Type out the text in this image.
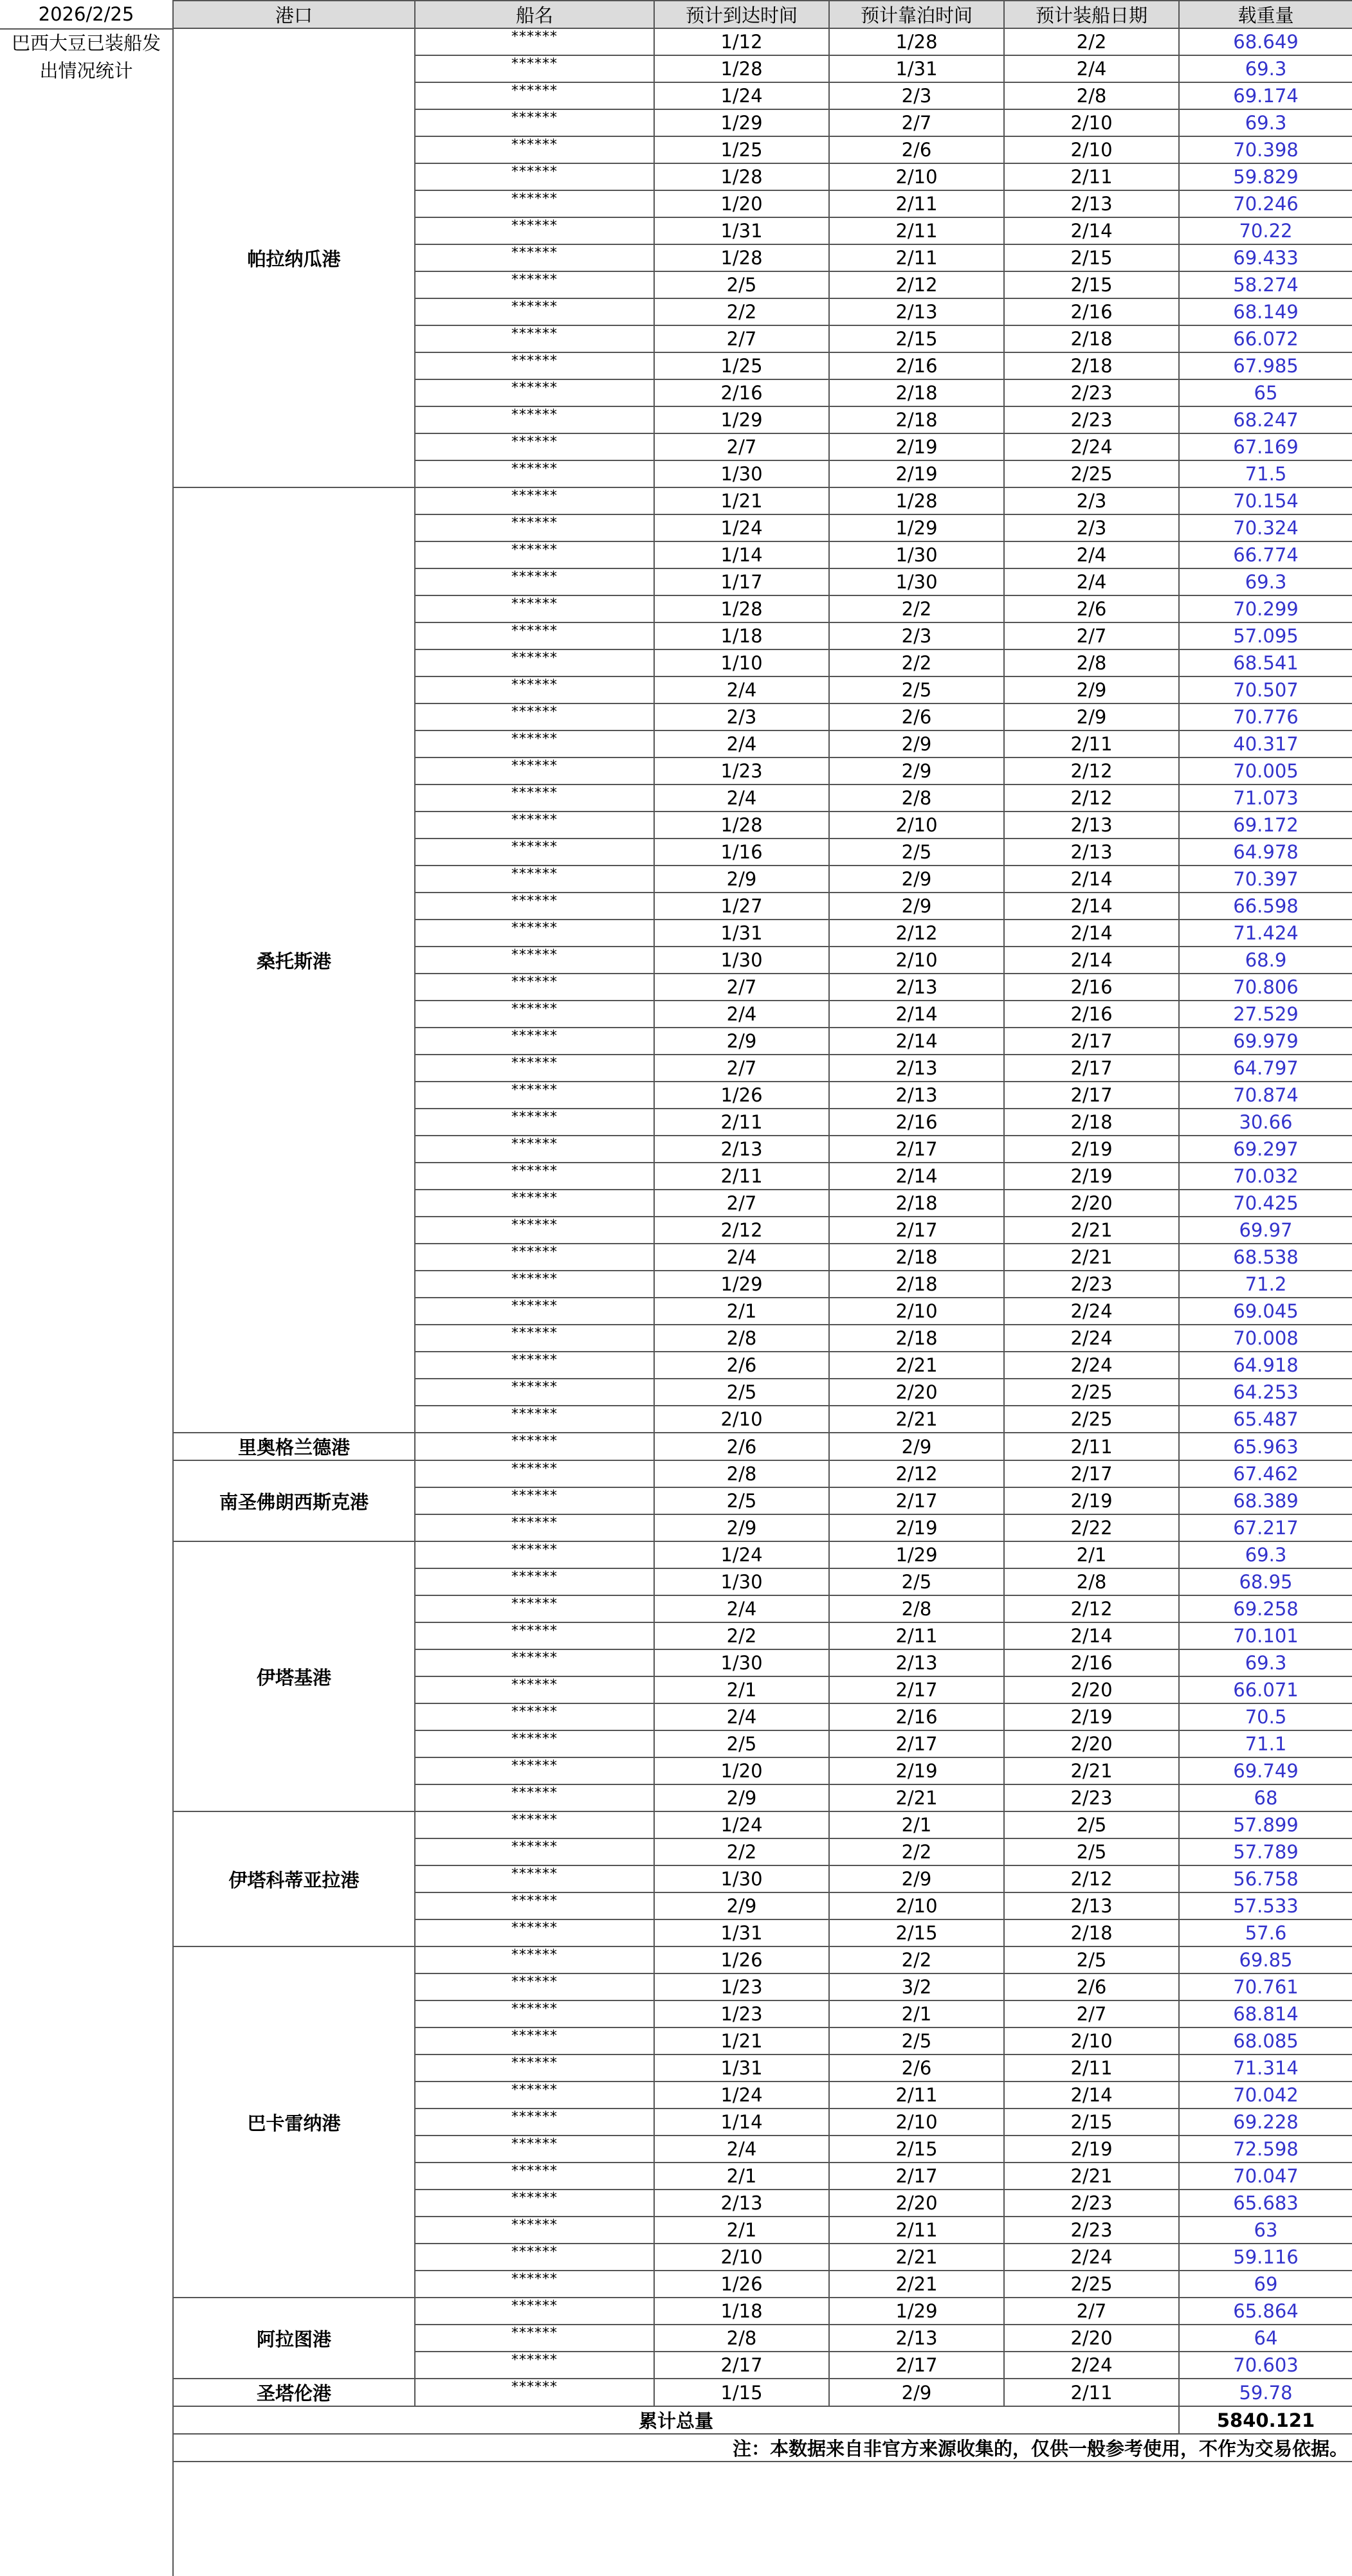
2026/2/25
巴西大豆已装船发
出情况统计
港口	船名	预计到达时间	预计靠泊时间	预计装船日期	载重量
帕拉纳瓜港	******	1/12	1/28	2/2	68.649
	******	1/28	1/31	2/4	69.3
	******	1/24	2/3	2/8	69.174
	******	1/29	2/7	2/10	69.3
	******	1/25	2/6	2/10	70.398
	******	1/28	2/10	2/11	59.829
	******	1/20	2/11	2/13	70.246
	******	1/31	2/11	2/14	70.22
	******	1/28	2/11	2/15	69.433
	******	2/5	2/12	2/15	58.274
	******	2/2	2/13	2/16	68.149
	******	2/7	2/15	2/18	66.072
	******	1/25	2/16	2/18	67.985
	******	2/16	2/18	2/23	65
	******	1/29	2/18	2/23	68.247
	******	2/7	2/19	2/24	67.169
	******	1/30	2/19	2/25	71.5
桑托斯港	******	1/21	1/28	2/3	70.154
	******	1/24	1/29	2/3	70.324
	******	1/14	1/30	2/4	66.774
	******	1/17	1/30	2/4	69.3
	******	1/28	2/2	2/6	70.299
	******	1/18	2/3	2/7	57.095
	******	1/10	2/2	2/8	68.541
	******	2/4	2/5	2/9	70.507
	******	2/3	2/6	2/9	70.776
	******	2/4	2/9	2/11	40.317
	******	1/23	2/9	2/12	70.005
	******	2/4	2/8	2/12	71.073
	******	1/28	2/10	2/13	69.172
	******	1/16	2/5	2/13	64.978
	******	2/9	2/9	2/14	70.397
	******	1/27	2/9	2/14	66.598
	******	1/31	2/12	2/14	71.424
	******	1/30	2/10	2/14	68.9
	******	2/7	2/13	2/16	70.806
	******	2/4	2/14	2/16	27.529
	******	2/9	2/14	2/17	69.979
	******	2/7	2/13	2/17	64.797
	******	1/26	2/13	2/17	70.874
	******	2/11	2/16	2/18	30.66
	******	2/13	2/17	2/19	69.297
	******	2/11	2/14	2/19	70.032
	******	2/7	2/18	2/20	70.425
	******	2/12	2/17	2/21	69.97
	******	2/4	2/18	2/21	68.538
	******	1/29	2/18	2/23	71.2
	******	2/1	2/10	2/24	69.045
	******	2/8	2/18	2/24	70.008
	******	2/6	2/21	2/24	64.918
	******	2/5	2/20	2/25	64.253
	******	2/10	2/21	2/25	65.487
里奥格兰德港	******	2/6	2/9	2/11	65.963
南圣佛朗西斯克港	******	2/8	2/12	2/17	67.462
	******	2/5	2/17	2/19	68.389
	******	2/9	2/19	2/22	67.217
伊塔基港	******	1/24	1/29	2/1	69.3
	******	1/30	2/5	2/8	68.95
	******	2/4	2/8	2/12	69.258
	******	2/2	2/11	2/14	70.101
	******	1/30	2/13	2/16	69.3
	******	2/1	2/17	2/20	66.071
	******	2/4	2/16	2/19	70.5
	******	2/5	2/17	2/20	71.1
	******	1/20	2/19	2/21	69.749
	******	2/9	2/21	2/23	68
伊塔科蒂亚拉港	******	1/24	2/1	2/5	57.899
	******	2/2	2/2	2/5	57.789
	******	1/30	2/9	2/12	56.758
	******	2/9	2/10	2/13	57.533
	******	1/31	2/15	2/18	57.6
巴卡雷纳港	******	1/26	2/2	2/5	69.85
	******	1/23	3/2	2/6	70.761
	******	1/23	2/1	2/7	68.814
	******	1/21	2/5	2/10	68.085
	******	1/31	2/6	2/11	71.314
	******	1/24	2/11	2/14	70.042
	******	1/14	2/10	2/15	69.228
	******	2/4	2/15	2/19	72.598
	******	2/1	2/17	2/21	70.047
	******	2/13	2/20	2/23	65.683
	******	2/1	2/11	2/23	63
	******	2/10	2/21	2/24	59.116
	******	1/26	2/21	2/25	69
阿拉图港	******	1/18	1/29	2/7	65.864
	******	2/8	2/13	2/20	64
	******	2/17	2/17	2/24	70.603
圣塔伦港	******	1/15	2/9	2/11	59.78
累计总量					5840.121
注：本数据来自非官方来源收集的，仅供一般参考使用，不作为交易依据。					
